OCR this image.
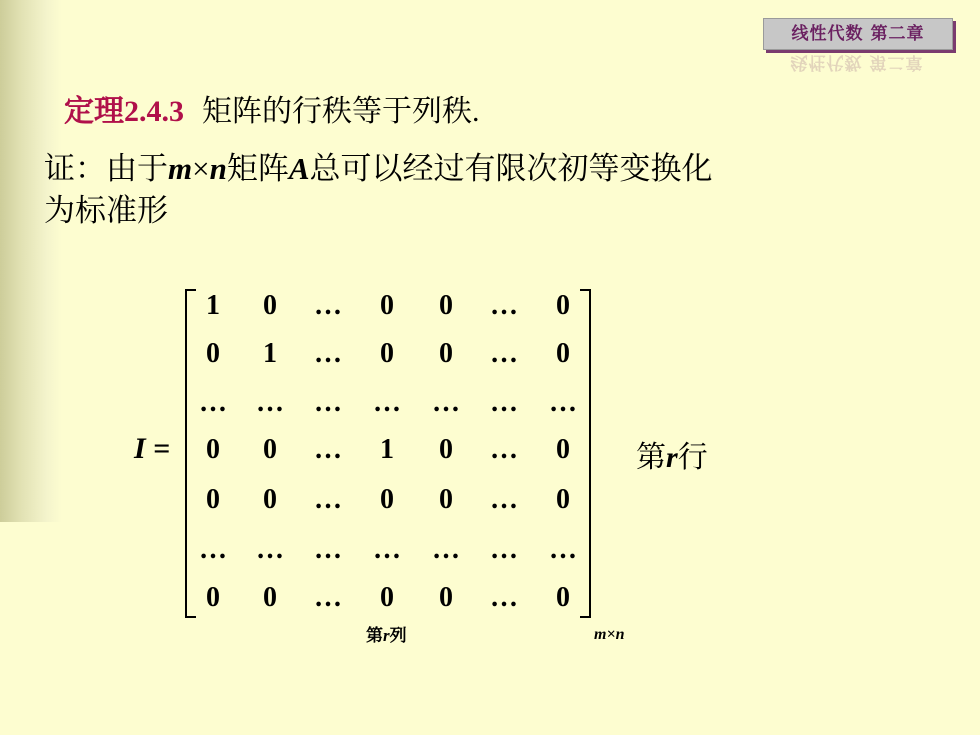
线性代数 第二章
线性代数 第二章
定理2.4.3 矩阵的行秩等于列秩.
证：由于m×n矩阵A总可以经过有限次初等变换化
为标准形
I =
1	0	…	0	0	…	0
0	1	…	0	0	…	0
… … … … … … …
0	0	…	1	0	…	0
0	0	…	0	0	…	0
… … … … … … …
0	0	…	0	0	…	0
第r行
第r列	m×n
